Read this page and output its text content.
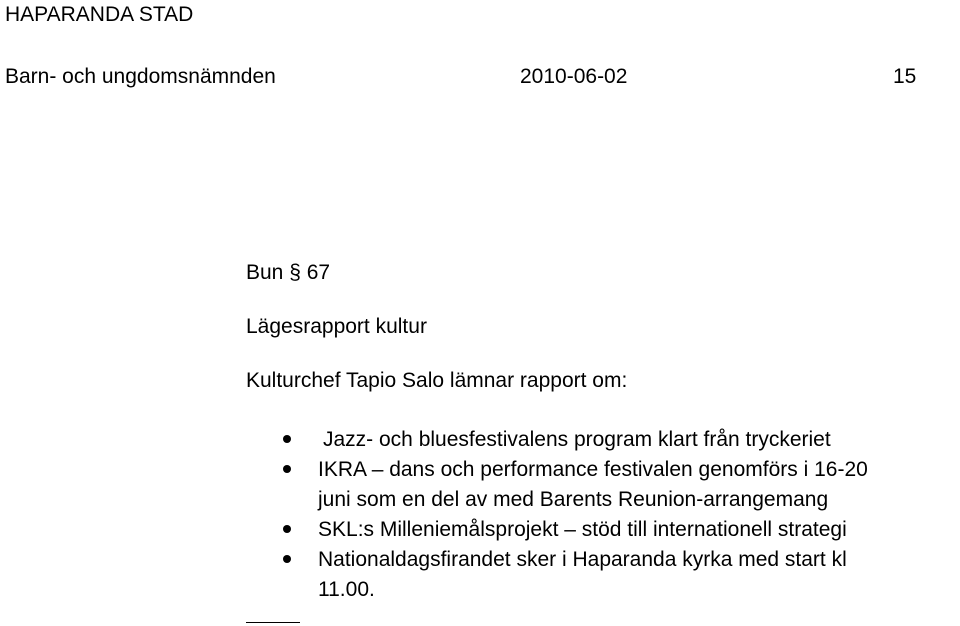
HAPARANDA STAD
Barn- och ungdomsnämnden	2010-06-02	15
Bun § 67
Lägesrapport kultur
Kulturchef Tapio Salo lämnar rapport om:
Jazz- och bluesfestivalens program klart från tryckeriet
IKRA – dans och performance festivalen genomförs i 16-20
juni som en del av med Barents Reunion-arrangemang
SKL:s Milleniemålsprojekt – stöd till internationell strategi
Nationaldagsfirandet sker i Haparanda kyrka med start kl
11.00.
